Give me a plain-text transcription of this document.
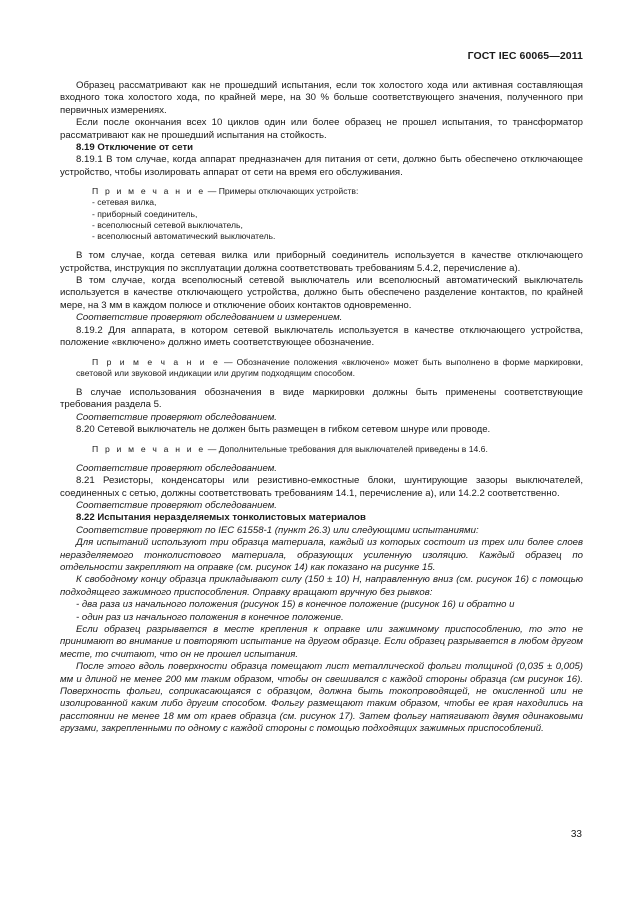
ГОСТ IEC 60065—2011

Образец рассматривают как не прошедший испытания, если ток холостого хода или активная составляющая входного тока холостого хода, по крайней мере, на 30 % больше соответствующего значения, полученного при первичных измерениях.

Если после окончания всех 10 циклов один или более образец не прошел испытания, то трансформатор рассматривают как не прошедший испытания на стойкость.

8.19 Отключение от сети

8.19.1 В том случае, когда аппарат предназначен для питания от сети, должно быть обеспечено отключающее устройство, чтобы изолировать аппарат от сети на время его обслуживания.

П р и м е ч а н и е — Примеры отключающих устройств:

- сетевая вилка,

- приборный соединитель,

- всеполюсный сетевой выключатель,

- всеполюсный автоматический выключатель.

В том случае, когда сетевая вилка или приборный соединитель используется в качестве отключающего устройства, инструкция по эксплуатации должна соответствовать требованиям 5.4.2, перечисление а).

В том случае, когда всеполюсный сетевой выключатель или всеполюсный автоматический выключатель используется в качестве отключающего устройства, должно быть обеспечено разделение контактов, по крайней мере, на 3 мм в каждом полюсе и отключение обоих контактов одновременно.

Соответствие проверяют обследованием и измерением.

8.19.2 Для аппарата, в котором сетевой выключатель используется в качестве отключающего устройства, положение «включено» должно иметь соответствующее обозначение.

П р и м е ч а н и е — Обозначение положения «включено» может быть выполнено в форме маркировки, световой или звуковой индикации или другим подходящим способом.

В случае использования обозначения в виде маркировки должны быть применены соответствующие требования раздела 5.

Соответствие проверяют обследованием.

8.20 Сетевой выключатель не должен быть размещен в гибком сетевом шнуре или проводе.

П р и м е ч а н и е — Дополнительные требования для выключателей приведены в 14.6.

Соответствие проверяют обследованием.

8.21 Резисторы, конденсаторы или резистивно-емкостные блоки, шунтирующие зазоры выключателей, соединенных с сетью, должны соответствовать требованиям 14.1, перечисление а), или 14.2.2 соответственно.

Соответствие проверяют обследованием.

8.22 Испытания неразделяемых тонколистовых материалов

Соответствие проверяют по IEC 61558-1 (пункт 26.3) или следующими испытаниями:

Для испытаний используют три образца материала, каждый из которых состоит из трех или более слоев неразделяемого тонколистового материала, образующих усиленную изоляцию. Каждый образец по отдельности закрепляют на оправке (см. рисунок 14) как показано на рисунке 15.

К свободному концу образца прикладывают силу (150 ± 10) Н, направленную вниз (см. рисунок 16) с помощью подходящего зажимного приспособления. Оправку вращают вручную без рывков:

- два раза из начального положения (рисунок 15) в конечное положение (рисунок 16) и обратно и

- один раз из начального положения в конечное положение.

Если образец разрывается в месте крепления к оправке или зажимному приспособлению, то это не принимают во внимание и повторяют испытание на другом образце. Если образец разрывается в любом другом месте, то считают, что он не прошел испытания.

После этого вдоль поверхности образца помещают лист металлической фольги толщиной (0,035 ± 0,005) мм и длиной не менее 200 мм таким образом, чтобы он свешивался с каждой стороны образца (см рисунок 16). Поверхность фольги, соприкасающаяся с образцом, должна быть токопроводящей, не окисленной или не изолированной каким либо другим способом. Фольгу размещают таким образом, чтобы ее края находились на расстоянии не менее 18 мм от краев образца (см. рисунок 17). Затем фольгу натягивают двумя одинаковыми грузами, закрепленными по одному с каждой стороны с помощью подходящих зажимных приспособлений.

33
